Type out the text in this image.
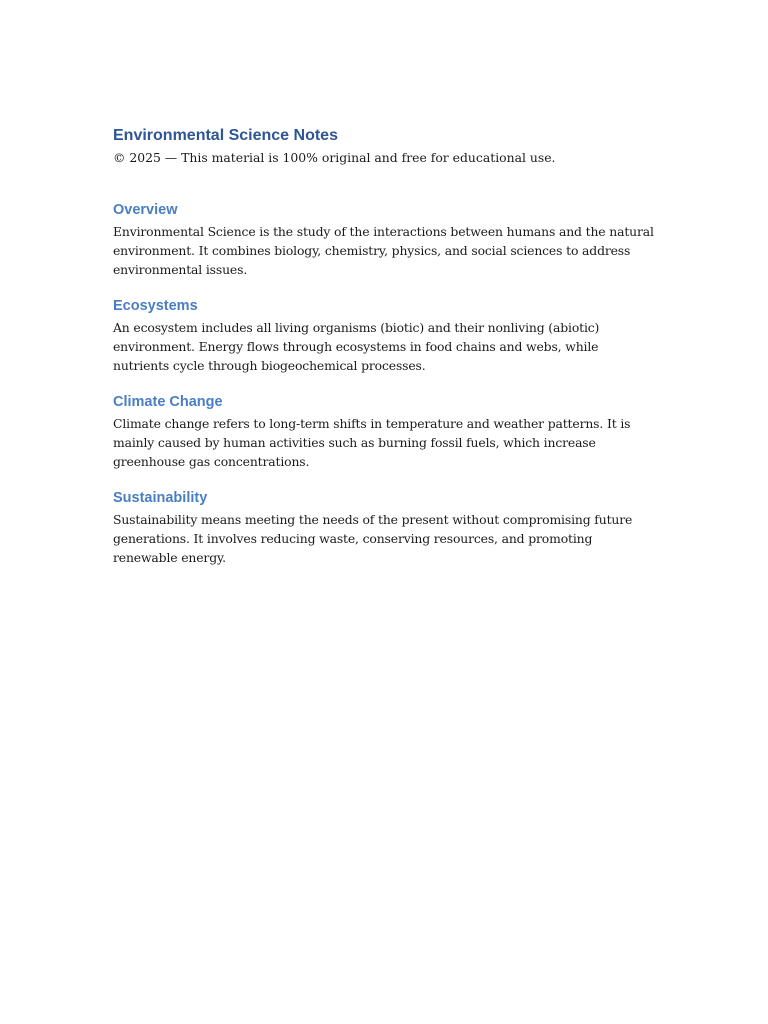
Environmental Science Notes

© 2025 — This material is 100% original and free for educational use.

Overview

Environmental Science is the study of the interactions between humans and the natural environment. It combines biology, chemistry, physics, and social sciences to address environmental issues.

Ecosystems

An ecosystem includes all living organisms (biotic) and their nonliving (abiotic) environment. Energy flows through ecosystems in food chains and webs, while nutrients cycle through biogeochemical processes.

Climate Change

Climate change refers to long-term shifts in temperature and weather patterns. It is mainly caused by human activities such as burning fossil fuels, which increase greenhouse gas concentrations.

Sustainability

Sustainability means meeting the needs of the present without compromising future generations. It involves reducing waste, conserving resources, and promoting renewable energy.
